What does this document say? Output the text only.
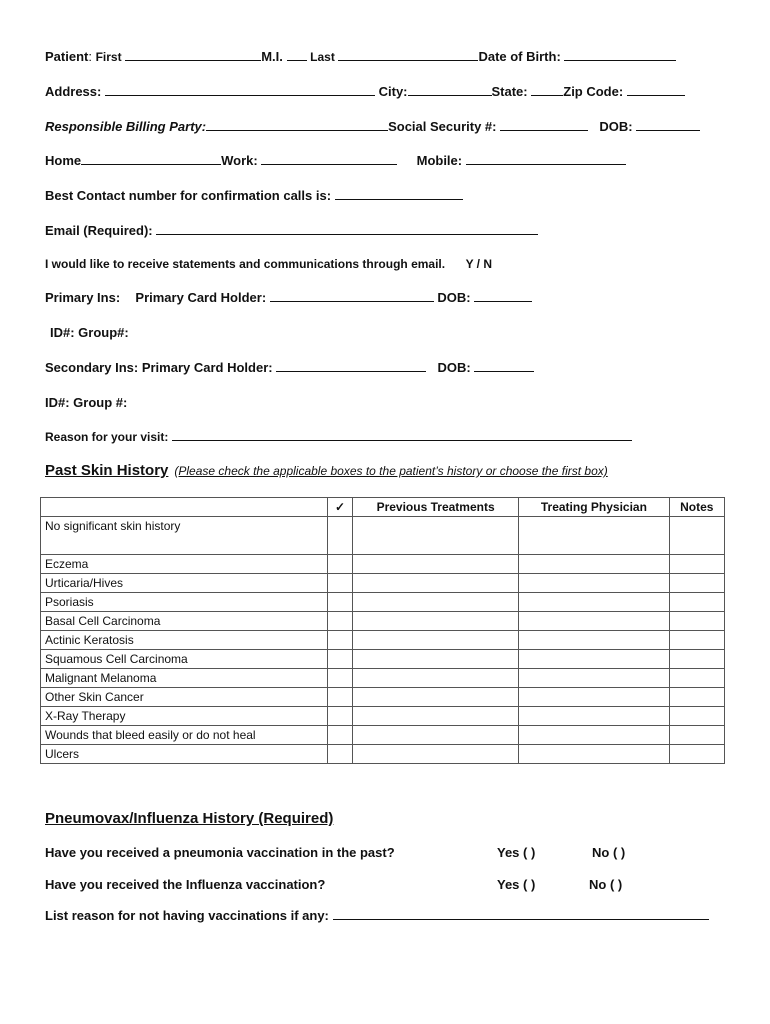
Patient: First	M.I. Last	Date of Birth:
Address:	City:	State:	Zip Code:
Responsible Billing Party:	Social Security #:	DOB:
Home	Work:	Mobile:
Best Contact number for confirmation calls is:
Email (Required):
I would like to receive statements and communications through email. Y / N
Primary Ins: Primary Card Holder:	DOB:
ID#: Group#:
Secondary Ins: Primary Card Holder:	DOB:
ID#: Group #:
Reason for your visit:
Past Skin History (Please check the applicable boxes to the patient’s history or choose the first box)
	✓	Previous Treatments	Treating Physician	Notes
No significant skin history				
Eczema				
Urticaria/Hives				
Psoriasis				
Basal Cell Carcinoma				
Actinic Keratosis				
Squamous Cell Carcinoma				
Malignant Melanoma				
Other Skin Cancer				
X-Ray Therapy				
Wounds that bleed easily or do not heal				
Ulcers				
Pneumovax/Influenza History (Required)
Have you received a pneumonia vaccination in the past?	Yes ( )	No ( )
Have you received the Influenza vaccination?	Yes ( )	No ( )
List reason for not having vaccinations if any:
